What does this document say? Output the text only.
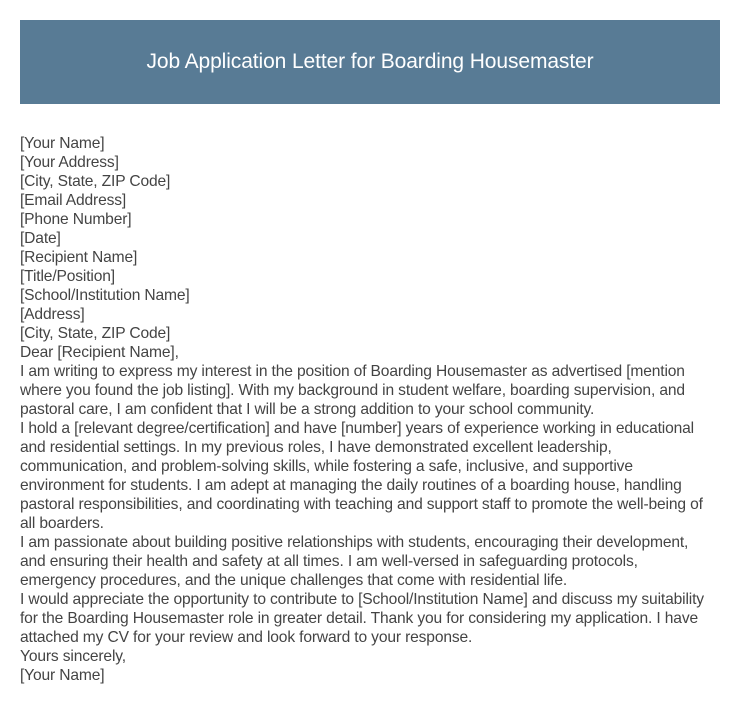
Job Application Letter for Boarding Housemaster
[Your Name]
[Your Address]
[City, State, ZIP Code]
[Email Address]
[Phone Number]
[Date]
[Recipient Name]
[Title/Position]
[School/Institution Name]
[Address]
[City, State, ZIP Code]
Dear [Recipient Name],
I am writing to express my interest in the position of Boarding Housemaster as advertised [mention where you found the job listing]. With my background in student welfare, boarding supervision, and pastoral care, I am confident that I will be a strong addition to your school community.
I hold a [relevant degree/certification] and have [number] years of experience working in educational and residential settings. In my previous roles, I have demonstrated excellent leadership, communication, and problem-solving skills, while fostering a safe, inclusive, and supportive environment for students. I am adept at managing the daily routines of a boarding house, handling pastoral responsibilities, and coordinating with teaching and support staff to promote the well-being of all boarders.
I am passionate about building positive relationships with students, encouraging their development, and ensuring their health and safety at all times. I am well-versed in safeguarding protocols, emergency procedures, and the unique challenges that come with residential life.
I would appreciate the opportunity to contribute to [School/Institution Name] and discuss my suitability for the Boarding Housemaster role in greater detail. Thank you for considering my application. I have attached my CV for your review and look forward to your response.
Yours sincerely,
[Your Name]
